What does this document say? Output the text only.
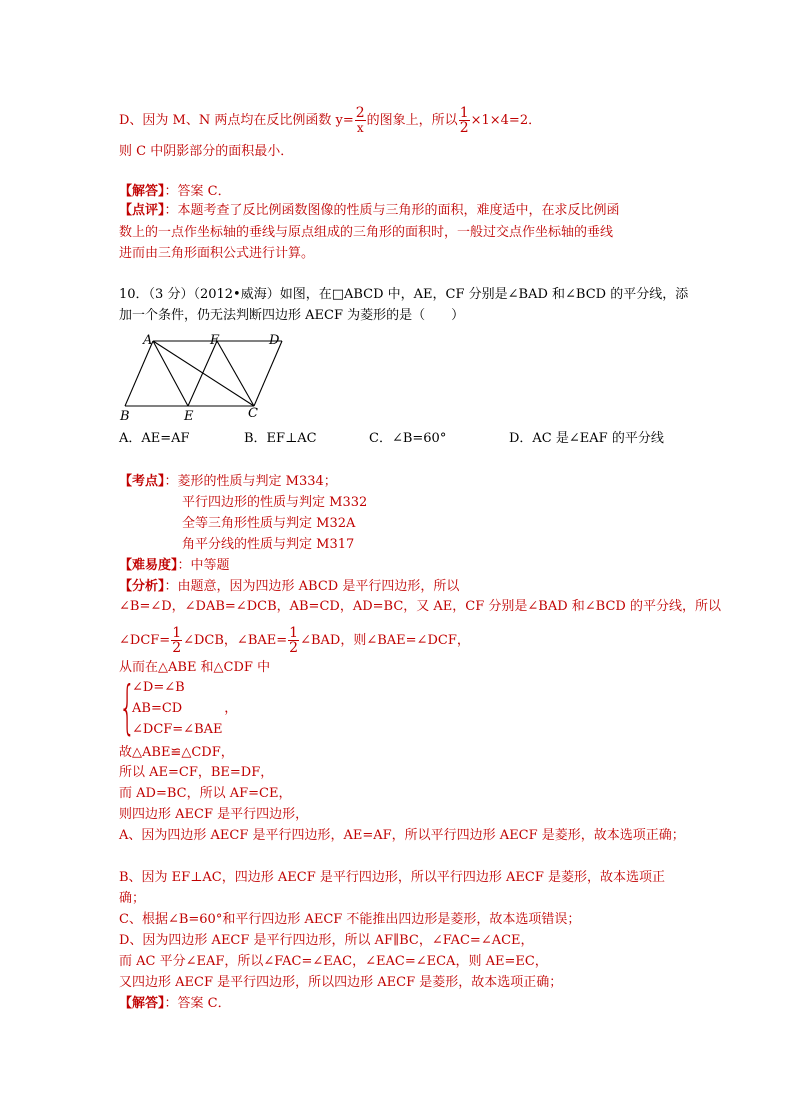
D、因为 M、N 两点均在反比例函数 $y= \frac{2}{x}$ 的图象上，所以 $\frac{1}{2} \times 1\times 4=2$．
则 C 中阴影部分的面积最小．
【解答】：答案 C．
【点评】：本题考查了反比例函数图像的性质与三角形的面积，难度适中，在求反比例函
数上的一点作坐标轴的垂线与原点组成的三角形的面积时，一般过交点作坐标轴的垂线
进而由三角形面积公式进行计算。
10．（3 分）（2012•威海）如图，在□ABCD 中，AE，CF 分别是∠BAD 和∠BCD 的平分线，添
加一个条件，仍无法判断四边形 AECF 为菱形的是（　　）
A	F	D
B	E	C
A．AE=AF	B．EF⊥AC	C．∠B=60°	D．AC 是∠EAF 的平分线
【考点】：菱形的性质与判定 M334；
平行四边形的性质与判定 M332
全等三角形性质与判定 M32A
角平分线的性质与判定 M317
【难易度】：中等题
【分析】：由题意，因为四边形 ABCD 是平行四边形，所以
∠B=∠D，∠DAB=∠DCB，AB=CD，AD=BC，又 AE，CF 分别是∠BAD 和∠BCD 的平分线，所以
∠DCF= $\frac{1}{2}$ ∠DCB，∠BAE= $\frac{1}{2}$ ∠BAD，则∠BAE=∠DCF，
从而在△ABE 和△CDF 中
{
∠D=∠B
AB=CD	，
∠DCF=∠BAE
故△ABE≌△CDF，
所以 AE=CF，BE=DF，
而 AD=BC，所以 AF=CE，
则四边形 AECF 是平行四边形，
A、因为四边形 AECF 是平行四边形，AE=AF，所以平行四边形 AECF 是菱形，故本选项正确；
B、因为 EF⊥AC，四边形 AECF 是平行四边形，所以平行四边形 AECF 是菱形，故本选项正
确；
C、根据∠B=60°和平行四边形 AECF 不能推出四边形是菱形，故本选项错误；
D、因为四边形 AECF 是平行四边形，所以 AF∥BC，∠FAC=∠ACE，
而 AC 平分∠EAF，所以∠FAC=∠EAC，∠EAC=∠ECA，则 AE=EC，
又四边形 AECF 是平行四边形，所以四边形 AECF 是菱形，故本选项正确；
【解答】：答案 C．
